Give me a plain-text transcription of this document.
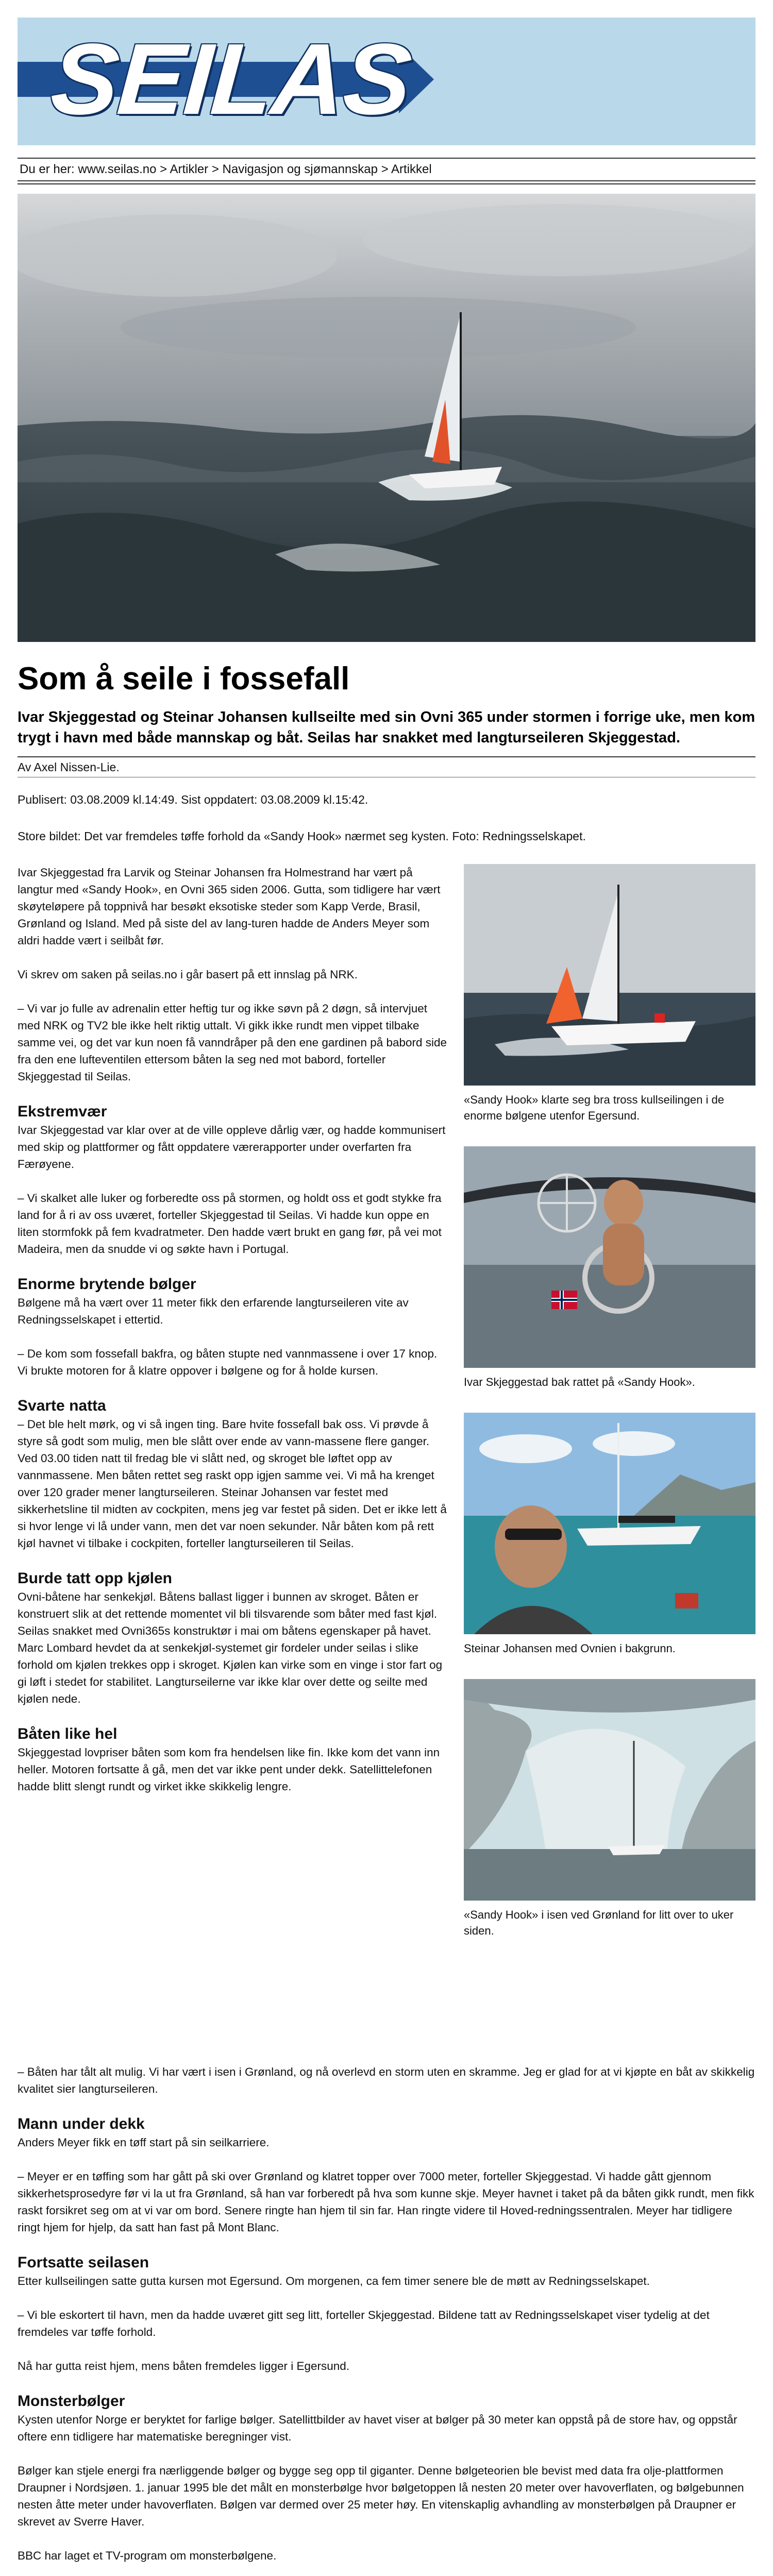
SEILAS
Du er her: www.seilas.no > Artikler > Navigasjon og sjømannskap > Artikkel
Som å seile i fossefall
Ivar Skjeggestad og Steinar Johansen kullseilte med sin Ovni 365 under stormen i forrige uke, men kom trygt i havn med både mannskap og båt. Seilas har snakket med langturseileren Skjeggestad.
Av Axel Nissen-Lie.
Publisert: 03.08.2009 kl.14:49. Sist oppdatert: 03.08.2009 kl.15:42.
Store bildet: Det var fremdeles tøffe forhold da «Sandy Hook» nærmet seg kysten. Foto: Redningsselskapet.

Ivar Skjeggestad fra Larvik og Steinar Johansen fra Holmestrand har vært på langtur med «Sandy Hook», en Ovni 365 siden 2006. Gutta, som tidligere har vært skøyteløpere på toppnivå har besøkt eksotiske steder som Kapp Verde, Brasil, Grønland og Island. Med på siste del av lang-turen hadde de Anders Meyer som aldri hadde vært i seilbåt før.

Vi skrev om saken på seilas.no i går basert på ett innslag på NRK.

– Vi var jo fulle av adrenalin etter heftig tur og ikke søvn på 2 døgn, så intervjuet med NRK og TV2 ble ikke helt riktig uttalt. Vi gikk ikke rundt men vippet tilbake samme vei, og det var kun noen få vanndråper på den ene gardinen på babord side fra den ene lufteventilen ettersom båten la seg ned mot babord, forteller Skjeggestad til Seilas.

Ekstremvær

Ivar Skjeggestad var klar over at de ville oppleve dårlig vær, og hadde kommunisert med skip og plattformer og fått oppdatere værerapporter under overfarten fra Færøyene.

– Vi skalket alle luker og forberedte oss på stormen, og holdt oss et godt stykke fra land for å ri av oss uværet, forteller Skjeggestad til Seilas. Vi hadde kun oppe en liten stormfokk på fem kvadratmeter. Den hadde vært brukt en gang før, på vei mot Madeira, men da snudde vi og søkte havn i Portugal.

Enorme brytende bølger

Bølgene må ha vært over 11 meter fikk den erfarende langturseileren vite av Redningsselskapet i ettertid.

– De kom som fossefall bakfra, og båten stupte ned vannmassene i over 17 knop. Vi brukte motoren for å klatre oppover i bølgene og for å holde kursen.

Svarte natta

– Det ble helt mørk, og vi så ingen ting. Bare hvite fossefall bak oss. Vi prøvde å styre så godt som mulig, men ble slått over ende av vann-massene flere ganger. Ved 03.00 tiden natt til fredag ble vi slått ned, og skroget ble løftet opp av vannmassene. Men båten rettet seg raskt opp igjen samme vei. Vi må ha krenget over 120 grader mener langturseileren. Steinar Johansen var festet med sikkerhetsline til midten av cockpiten, mens jeg var festet på siden. Det er ikke lett å si hvor lenge vi lå under vann, men det var noen sekunder. Når båten kom på rett kjøl havnet vi tilbake i cockpiten, forteller langturseileren til Seilas.

Burde tatt opp kjølen

Ovni-båtene har senkekjøl. Båtens ballast ligger i bunnen av skroget. Båten er konstruert slik at det rettende momentet vil bli tilsvarende som båter med fast kjøl. Seilas snakket med Ovni365s konstruktør i mai om båtens egenskaper på havet. Marc Lombard hevdet da at senkekjøl-systemet gir fordeler under seilas i slike forhold om kjølen trekkes opp i skroget. Kjølen kan virke som en vinge i stor fart og gi løft i stedet for stabilitet. Langturseilerne var ikke klar over dette og seilte med kjølen nede.

Båten like hel

Skjeggestad lovpriser båten som kom fra hendelsen like fin. Ikke kom det vann inn heller. Motoren fortsatte å gå, men det var ikke pent under dekk. Satellittelefonen hadde blitt slengt rundt og virket ikke skikkelig lengre.

«Sandy Hook» klarte seg bra tross kullseilingen i de enorme bølgene utenfor Egersund.
Ivar Skjeggestad bak rattet på «Sandy Hook».
Steinar Johansen med Ovnien i bakgrunn.
«Sandy Hook» i isen ved Grønland for litt over to uker siden.

– Båten har tålt alt mulig. Vi har vært i isen i Grønland, og nå overlevd en storm uten en skramme. Jeg er glad for at vi kjøpte en båt av skikkelig kvalitet sier langturseileren.

Mann under dekk

Anders Meyer fikk en tøff start på sin seilkarriere.

– Meyer er en tøffing som har gått på ski over Grønland og klatret topper over 7000 meter, forteller Skjeggestad. Vi hadde gått gjennom sikkerhetsprosedyre før vi la ut fra Grønland, så han var forberedt på hva som kunne skje. Meyer havnet i taket på da båten gikk rundt, men fikk raskt forsikret seg om at vi var om bord. Senere ringte han hjem til sin far. Han ringte videre til Hoved-redningssentralen. Meyer har tidligere ringt hjem for hjelp, da satt han fast på Mont Blanc.

Fortsatte seilasen

Etter kullseilingen satte gutta kursen mot Egersund. Om morgenen, ca fem timer senere ble de møtt av Redningsselskapet.

– Vi ble eskortert til havn, men da hadde uværet gitt seg litt, forteller Skjeggestad. Bildene tatt av Redningsselskapet viser tydelig at det fremdeles var tøffe forhold.

Nå har gutta reist hjem, mens båten fremdeles ligger i Egersund.

Monsterbølger

Kysten utenfor Norge er beryktet for farlige bølger. Satellittbilder av havet viser at bølger på 30 meter kan oppstå på de store hav, og oppstår oftere enn tidligere har matematiske beregninger vist.

Bølger kan stjele energi fra nærliggende bølger og bygge seg opp til giganter. Denne bølgeteorien ble bevist med data fra olje-plattformen Draupner i Nordsjøen. 1. januar 1995 ble det målt en monsterbølge hvor bølgetoppen lå nesten 20 meter over havoverflaten, og bølgebunnen nesten åtte meter under havoverflaten. Bølgen var dermed over 25 meter høy. En vitenskaplig avhandling av monsterbølgen på Draupner er skrevet av Sverre Haver.

BBC har laget et TV-program om monsterbølgene.
